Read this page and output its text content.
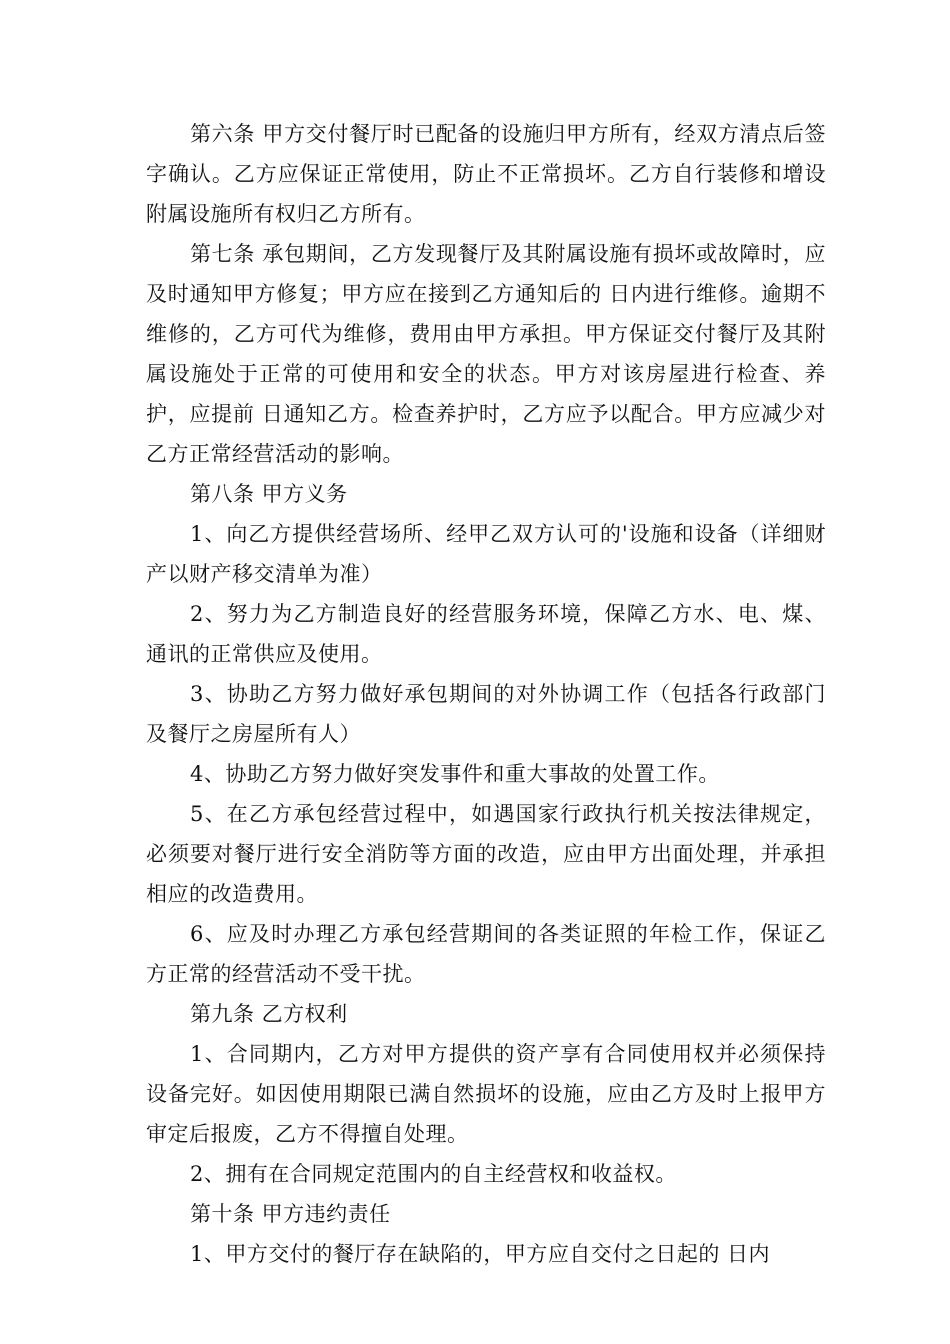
第六条 甲方交付餐厅时已配备的设施归甲方所有，经双方清点后签字确认。乙方应保证正常使用，防止不正常损坏。乙方自行装修和增设附属设施所有权归乙方所有。

第七条 承包期间，乙方发现餐厅及其附属设施有损坏或故障时，应及时通知甲方修复；甲方应在接到乙方通知后的 日内进行维修。逾期不维修的，乙方可代为维修，费用由甲方承担。甲方保证交付餐厅及其附属设施处于正常的可使用和安全的状态。甲方对该房屋进行检查、养护，应提前 日通知乙方。检查养护时，乙方应予以配合。甲方应减少对乙方正常经营活动的影响。

第八条 甲方义务

1、向乙方提供经营场所、经甲乙双方认可的'设施和设备（详细财产以财产移交清单为准）

2、努力为乙方制造良好的经营服务环境，保障乙方水、电、煤、通讯的正常供应及使用。

3、协助乙方努力做好承包期间的对外协调工作（包括各行政部门及餐厅之房屋所有人）

4、协助乙方努力做好突发事件和重大事故的处置工作。

5、在乙方承包经营过程中，如遇国家行政执行机关按法律规定，必须要对餐厅进行安全消防等方面的改造，应由甲方出面处理，并承担相应的改造费用。

6、应及时办理乙方承包经营期间的各类证照的年检工作，保证乙方正常的经营活动不受干扰。

第九条 乙方权利

1、合同期内，乙方对甲方提供的资产享有合同使用权并必须保持设备完好。如因使用期限已满自然损坏的设施，应由乙方及时上报甲方审定后报废，乙方不得擅自处理。

2、拥有在合同规定范围内的自主经营权和收益权。

第十条 甲方违约责任

1、甲方交付的餐厅存在缺陷的，甲方应自交付之日起的 日内
